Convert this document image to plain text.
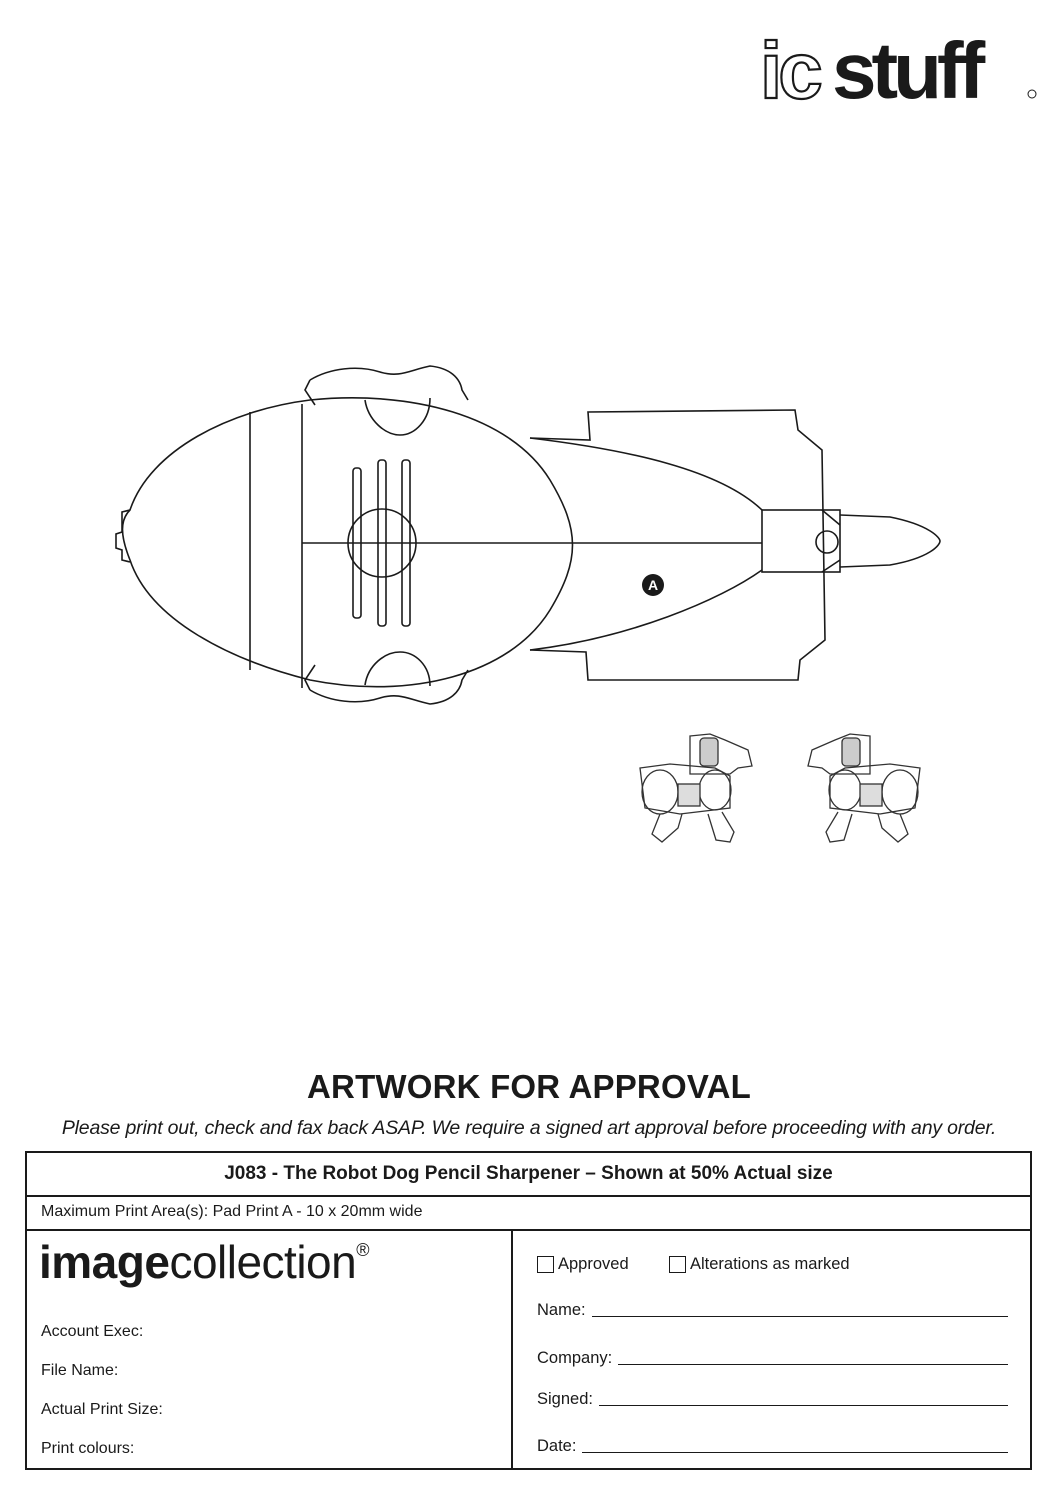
ic stuff
A
ARTWORK FOR APPROVAL
Please print out, check and fax back ASAP. We require a signed art approval before proceeding with any order.
J083 - The Robot Dog Pencil Sharpener – Shown at 50% Actual size
Maximum Print Area(s): Pad Print A - 10 x 20mm wide
imagecollection®
Account Exec:
File Name:
Actual Print Size:
Print colours:
Approved	Alterations as marked
Name:
Company:
Signed:
Date:
